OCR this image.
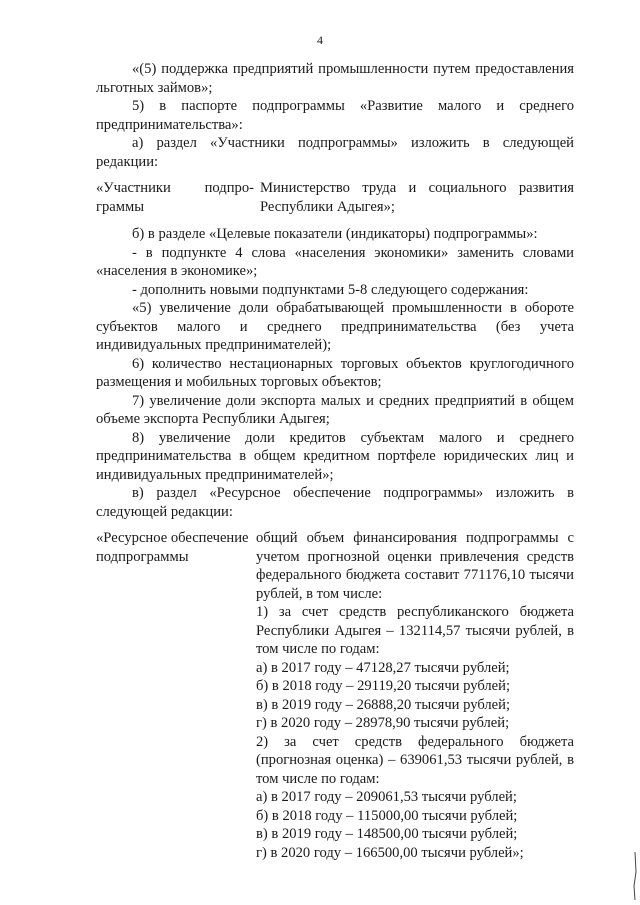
4

«(5) поддержка предприятий промышленности путем предоставления льготных займов»;

5) в паспорте подпрограммы «Развитие малого и среднего предпринимательства»:

а) раздел «Участники подпрограммы» изложить в следующей редакции:

«Участники подпро-
граммы
Министерство труда и социального развития Республики Адыгея»;

б) в разделе «Целевые показатели (индикаторы) подпрограммы»:

- в подпункте 4 слова «населения экономики» заменить словами «населения в экономике»;

- дополнить новыми подпунктами 5-8 следующего содержания:

«5) увеличение доли обрабатывающей промышленности в обороте субъектов малого и среднего предпринимательства (без учета индивидуальных предпринимателей);

6) количество нестационарных торговых объектов круглогодичного размещения и мобильных торговых объектов;

7) увеличение доли экспорта малых и средних предприятий в общем объеме экспорта Республики Адыгея;

8) увеличение доли кредитов субъектам малого и среднего предпринимательства в общем кредитном портфеле юридических лиц и индивидуальных предпринимателей»;

в) раздел «Ресурсное обеспечение подпрограммы» изложить в следующей редакции:

«Ресурсное обеспечение подпрограммы
общий объем финансирования подпрограммы с учетом прогнозной оценки привлечения средств федерального бюджета составит 771176,10 тысячи рублей, в том числе:
1) за счет средств республиканского бюджета Республики Адыгея – 132114,57 тысячи рублей, в том числе по годам:
а) в 2017 году – 47128,27 тысячи рублей;
б) в 2018 году – 29119,20 тысячи рублей;
в) в 2019 году – 26888,20 тысячи рублей;
г) в 2020 году – 28978,90 тысячи рублей;
2) за счет средств федерального бюджета (прогнозная оценка) – 639061,53 тысячи рублей, в том числе по годам:
а) в 2017 году – 209061,53 тысячи рублей;
б) в 2018 году – 115000,00 тысячи рублей;
в) в 2019 году – 148500,00 тысячи рублей;
г) в 2020 году – 166500,00 тысячи рублей»;
